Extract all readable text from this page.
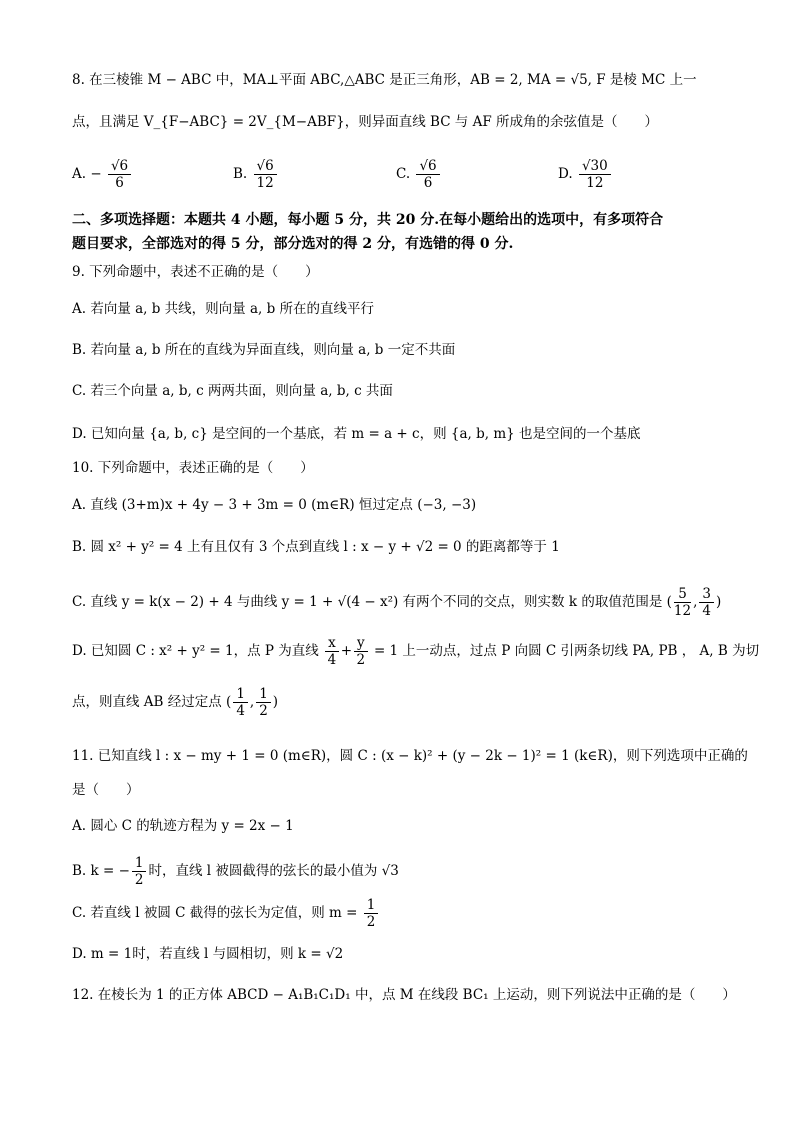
8. 在三棱锥 M − ABC 中，MA⊥平面 ABC,△ABC 是正三角形，AB = 2, MA = √5, F 是棱 MC 上一
点，且满足 V_{F−ABC} = 2V_{M−ABF}，则异面直线 BC 与 AF 所成角的余弦值是（　　）
A. − $\frac{√6}{6}$	B. $\frac{√6}{12}$	C. $\frac{√6}{6}$	D. $\frac{√30}{12}$
二、多项选择题：本题共 4 小题，每小题 5 分，共 20 分.在每小题给出的选项中，有多项符合
题目要求，全部选对的得 5 分，部分选对的得 2 分，有选错的得 0 分.
9. 下列命题中，表述不正确的是（　　）
A. 若向量 a, b 共线，则向量 a, b 所在的直线平行
B. 若向量 a, b 所在的直线为异面直线，则向量 a, b 一定不共面
C. 若三个向量 a, b, c 两两共面，则向量 a, b, c 共面
D. 已知向量 {a, b, c} 是空间的一个基底，若 m = a + c，则 {a, b, m} 也是空间的一个基底
10. 下列命题中，表述正确的是（　　）
A. 直线 (3+m)x + 4y − 3 + 3m = 0 (m∈R) 恒过定点 (−3, −3)
B. 圆 x² + y² = 4 上有且仅有 3 个点到直线 l : x − y + √2 = 0 的距离都等于 1
C. 直线 y = k(x − 2) + 4 与曲线 y = 1 + √(4 − x²) 有两个不同的交点，则实数 k 的取值范围是 ( $\frac{5}{12}$ , $\frac{3}{4}$ )
D. 已知圆 C : x² + y² = 1，点 P 为直线 $\frac{x}{4} + \frac{y}{2} = 1$ 上一动点，过点 P 向圆 C 引两条切线 PA, PB ， A, B 为切
点，则直线 AB 经过定点 ( $\frac{1}{4}$ , $\frac{1}{2}$ )
11. 已知直线 l : x − my + 1 = 0 (m∈R)，圆 C : (x − k)² + (y − 2k − 1)² = 1 (k∈R)，则下列选项中正确的
是（　　）
A. 圆心 C 的轨迹方程为 y = 2x − 1
B. k = − $\frac{1}{2}$ 时，直线 l 被圆截得的弦长的最小值为 √3
C. 若直线 l 被圆 C 截得的弦长为定值，则 $m = \frac{1}{2}$
D. m = 1时，若直线 l 与圆相切，则 k = √2
12. 在棱长为 1 的正方体 ABCD − A₁B₁C₁D₁ 中，点 M 在线段 BC₁ 上运动，则下列说法中正确的是（　　）
